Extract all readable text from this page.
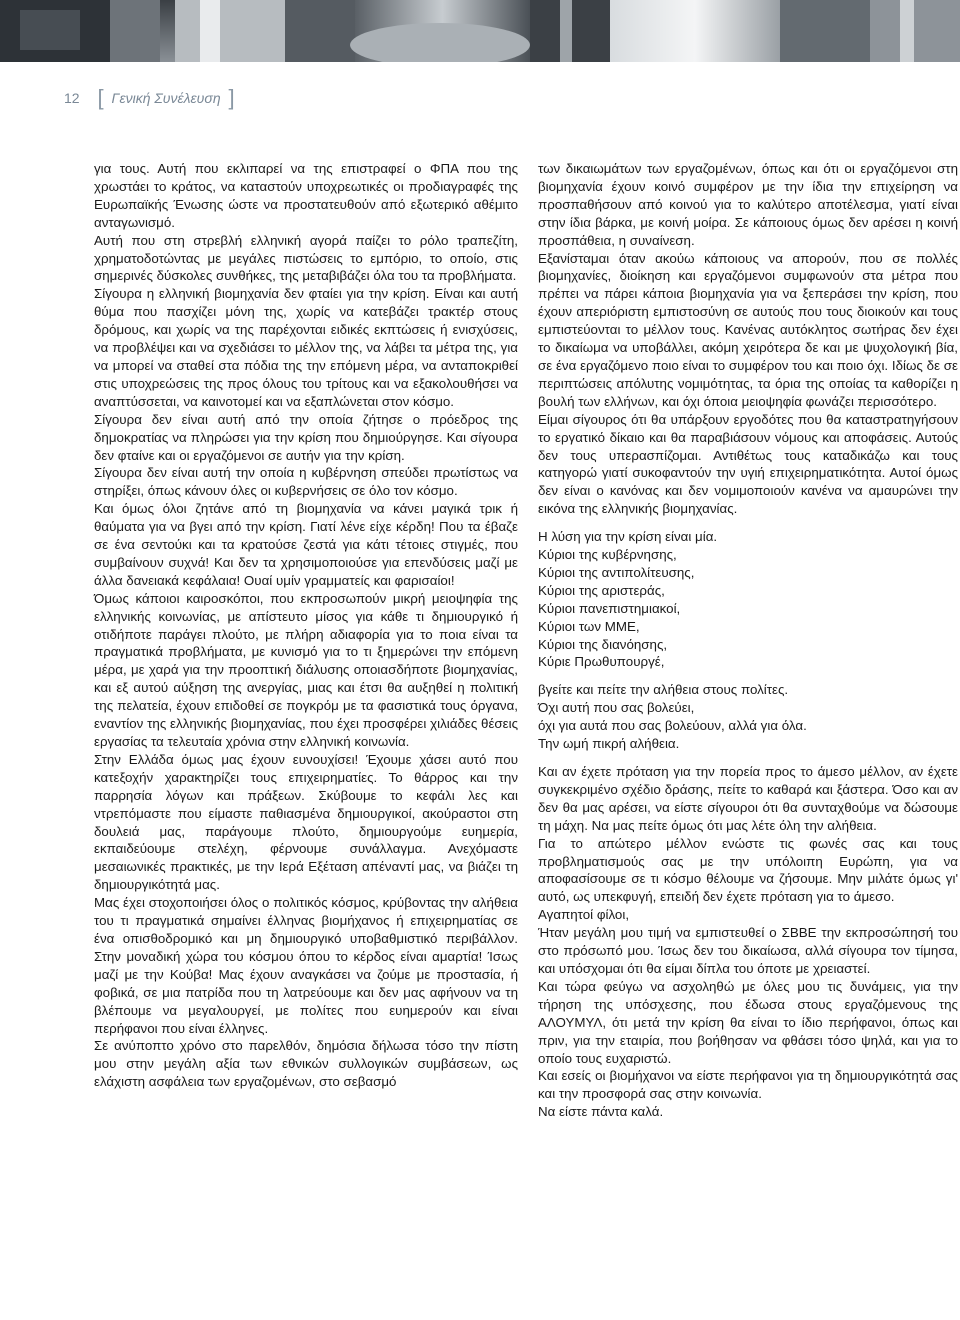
12 [ Γενική Συνέλευση ]

για τους. Αυτή που εκλιπαρεί να της επιστραφεί ο ΦΠΑ που της χρωστάει το κράτος, να καταστούν υποχρεωτικές οι προδιαγραφές της Ευρωπαϊκής Ένωσης ώστε να προστατευθούν από εξωτερικό αθέμιτο ανταγωνισμό.

Αυτή που στη στρεβλή ελληνική αγορά παίζει το ρόλο τραπεζίτη, χρηματοδοτώντας με μεγάλες πιστώσεις το εμπόριο, το οποίο, στις σημερινές δύσκολες συνθήκες, της μεταβιβάζει όλα του τα προβλήματα.

Σίγουρα η ελληνική βιομηχανία δεν φταίει για την κρίση. Είναι και αυτή θύμα που πασχίζει μόνη της, χωρίς να κατεβάζει τρακτέρ στους δρόμους, και χωρίς να της παρέχονται ειδικές εκπτώσεις ή ενισχύσεις, να προβλέψει και να σχεδιάσει το μέλλον της, να λάβει τα μέτρα της, για να μπορεί να σταθεί στα πόδια της την επόμενη μέρα, να ανταποκριθεί στις υποχρεώσεις της προς όλους του τρίτους και να εξακολουθήσει να αναπτύσσεται, να καινοτομεί και να εξαπλώνεται στον κόσμο.

Σίγουρα δεν είναι αυτή από την οποία ζήτησε ο πρόεδρος της δημοκρατίας να πληρώσει για την κρίση που δημιούργησε. Και σίγουρα δεν φταίνε και οι εργαζόμενοι σε αυτήν για την κρίση.

Σίγουρα δεν είναι αυτή την οποία η κυβέρνηση σπεύδει πρωτίστως να στηρίξει, όπως κάνουν όλες οι κυβερνήσεις σε όλο τον κόσμο.

Και όμως όλοι ζητάνε από τη βιομηχανία να κάνει μαγικά τρικ ή θαύματα για να βγει από την κρίση. Γιατί λένε είχε κέρδη! Που τα έβαζε σε ένα σεντούκι και τα κρατούσε ζεστά για κάτι τέτοιες στιγμές, που συμβαίνουν συχνά! Και δεν τα χρησιμοποιούσε για επενδύσεις μαζί με άλλα δανειακά κεφάλαια! Ουαί υμίν γραμματείς και φαρισαίοι!

Όμως κάποιοι καιροσκόποι, που εκπροσωπούν μικρή μειοψηφία της ελληνικής κοινωνίας, με απίστευτο μίσος για κάθε τι δημιουργικό ή οτιδήποτε παράγει πλούτο, με πλήρη αδιαφορία για το ποια είναι τα πραγματικά προβλήματα, με κυνισμό για το τι ξημερώνει την επόμενη μέρα, με χαρά για την προοπτική διάλυσης οποιασδήποτε βιομηχανίας, και εξ αυτού αύξηση της ανεργίας, μιας και έτσι θα αυξηθεί η πολιτική της πελατεία, έχουν επιδοθεί σε πογκρόμ με τα φασιστικά τους όργανα, εναντίον της ελληνικής βιομηχανίας, που έχει προσφέρει χιλιάδες θέσεις εργασίας τα τελευταία χρόνια στην ελληνική κοινωνία.

Στην Ελλάδα όμως μας έχουν ευνουχίσει! Έχουμε χάσει αυτό που κατεξοχήν χαρακτηρίζει τους επιχειρηματίες. Το θάρρος και την παρρησία λόγων και πράξεων. Σκύβουμε το κεφάλι λες και ντρεπόμαστε που είμαστε παθιασμένα δημιουργικοί, ακούραστοι στη δουλειά μας, παράγουμε πλούτο, δημιουργούμε ευημερία, εκπαιδεύουμε στελέχη, φέρνουμε συνάλλαγμα. Ανεχόμαστε μεσαιωνικές πρακτικές, με την Ιερά Εξέταση απέναντί μας, να βιάζει τη δημιουργικότητά μας.

Μας έχει στοχοποιήσει όλος ο πολιτικός κόσμος, κρύβοντας την αλήθεια του τι πραγματικά σημαίνει έλληνας βιομήχανος ή επιχειρηματίας σε ένα οπισθοδρομικό και μη δημιουργικό υποβαθμιστικό περιβάλλον. Στην μοναδική χώρα του κόσμου όπου το κέρδος είναι αμαρτία! Ίσως μαζί με την Κούβα! Μας έχουν αναγκάσει να ζούμε με προστασία, ή φοβικά, σε μια πατρίδα που τη λατρεύουμε και δεν μας αφήνουν να τη βλέπουμε να μεγαλουργεί, με πολίτες που ευημερούν και είναι περήφανοι που είναι έλληνες.

Σε ανύποπτο χρόνο στο παρελθόν, δημόσια δήλωσα τόσο την πίστη μου στην μεγάλη αξία των εθνικών συλλογικών συμβάσεων, ως ελάχιστη ασφάλεια των εργαζομένων, στο σεβασμό

των δικαιωμάτων των εργαζομένων, όπως και ότι οι εργαζόμενοι στη βιομηχανία έχουν κοινό συμφέρον με την ίδια την επιχείρηση να προσπαθήσουν από κοινού για το καλύτερο αποτέλεσμα, γιατί είναι στην ίδια βάρκα, με κοινή μοίρα. Σε κάποιους όμως δεν αρέσει η κοινή προσπάθεια, η συναίνεση.

Εξανίσταμαι όταν ακούω κάποιους να απορούν, που σε πολλές βιομηχανίες, διοίκηση και εργαζόμενοι συμφωνούν στα μέτρα που πρέπει να πάρει κάποια βιομηχανία για να ξεπεράσει την κρίση, που έχουν απεριόριστη εμπιστοσύνη σε αυτούς που τους διοικούν και τους εμπιστεύονται το μέλλον τους. Κανένας αυτόκλητος σωτήρας δεν έχει το δικαίωμα να υποβάλλει, ακόμη χειρότερα δε και με ψυχολογική βία, σε ένα εργαζόμενο ποιο είναι το συμφέρον του και ποιο όχι. Ιδίως δε σε περιπτώσεις απόλυτης νομιμότητας, τα όρια της οποίας τα καθορίζει η βουλή των ελλήνων, και όχι όποια μειοψηφία φωνάζει περισσότερο.

Είμαι σίγουρος ότι θα υπάρξουν εργοδότες που θα καταστρατηγήσουν το εργατικό δίκαιο και θα παραβιάσουν νόμους και αποφάσεις. Αυτούς δεν τους υπερασπίζομαι. Αντιθέτως τους καταδικάζω και τους κατηγορώ γιατί συκοφαντούν την υγιή επιχειρηματικότητα. Αυτοί όμως δεν είναι ο κανόνας και δεν νομιμοποιούν κανένα να αμαυρώνει την εικόνα της ελληνικής βιομηχανίας.

Η λύση για την κρίση είναι μία.

Κύριοι της κυβέρνησης,

Κύριοι της αντιπολίτευσης,

Κύριοι της αριστεράς,

Κύριοι πανεπιστημιακοί,

Κύριοι των ΜΜΕ,

Κύριοι της διανόησης,

Κύριε Πρωθυπουργέ,

βγείτε και πείτε την αλήθεια στους πολίτες.

Όχι αυτή που σας βολεύει,

όχι για αυτά που σας βολεύουν, αλλά για όλα.

Την ωμή πικρή αλήθεια.

Και αν έχετε πρόταση για την πορεία προς το άμεσο μέλλον, αν έχετε συγκεκριμένο σχέδιο δράσης, πείτε το καθαρά και ξάστερα. Όσο και αν δεν θα μας αρέσει, να είστε σίγουροι ότι θα συνταχθούμε να δώσουμε τη μάχη. Να μας πείτε όμως ότι μας λέτε όλη την αλήθεια.

Για το απώτερο μέλλον ενώστε τις φωνές σας και τους προβληματισμούς σας με την υπόλοιπη Ευρώπη, για να αποφασίσουμε σε τι κόσμο θέλουμε να ζήσουμε. Μην μιλάτε όμως γι' αυτό, ως υπεκφυγή, επειδή δεν έχετε πρόταση για το άμεσο.

Αγαπητοί φίλοι,

Ήταν μεγάλη μου τιμή να εμπιστευθεί ο ΣΒΒΕ την εκπροσώπησή του στο πρόσωπό μου. Ίσως δεν του δικαίωσα, αλλά σίγουρα τον τίμησα, και υπόσχομαι ότι θα είμαι δίπλα του όποτε με χρειαστεί.

Και τώρα φεύγω να ασχοληθώ με όλες μου τις δυνάμεις, για την τήρηση της υπόσχεσης, που έδωσα στους εργαζόμενους της ΑΛΟΥΜΥΛ, ότι μετά την κρίση θα είναι το ίδιο περήφανοι, όπως και πριν, για την εταιρία, που βοήθησαν να φθάσει τόσο ψηλά, και για το οποίο τους ευχαριστώ.

Και εσείς οι βιομήχανοι να είστε περήφανοι για τη δημιουργικότητά σας και την προσφορά σας στην κοινωνία.

Να είστε πάντα καλά.
